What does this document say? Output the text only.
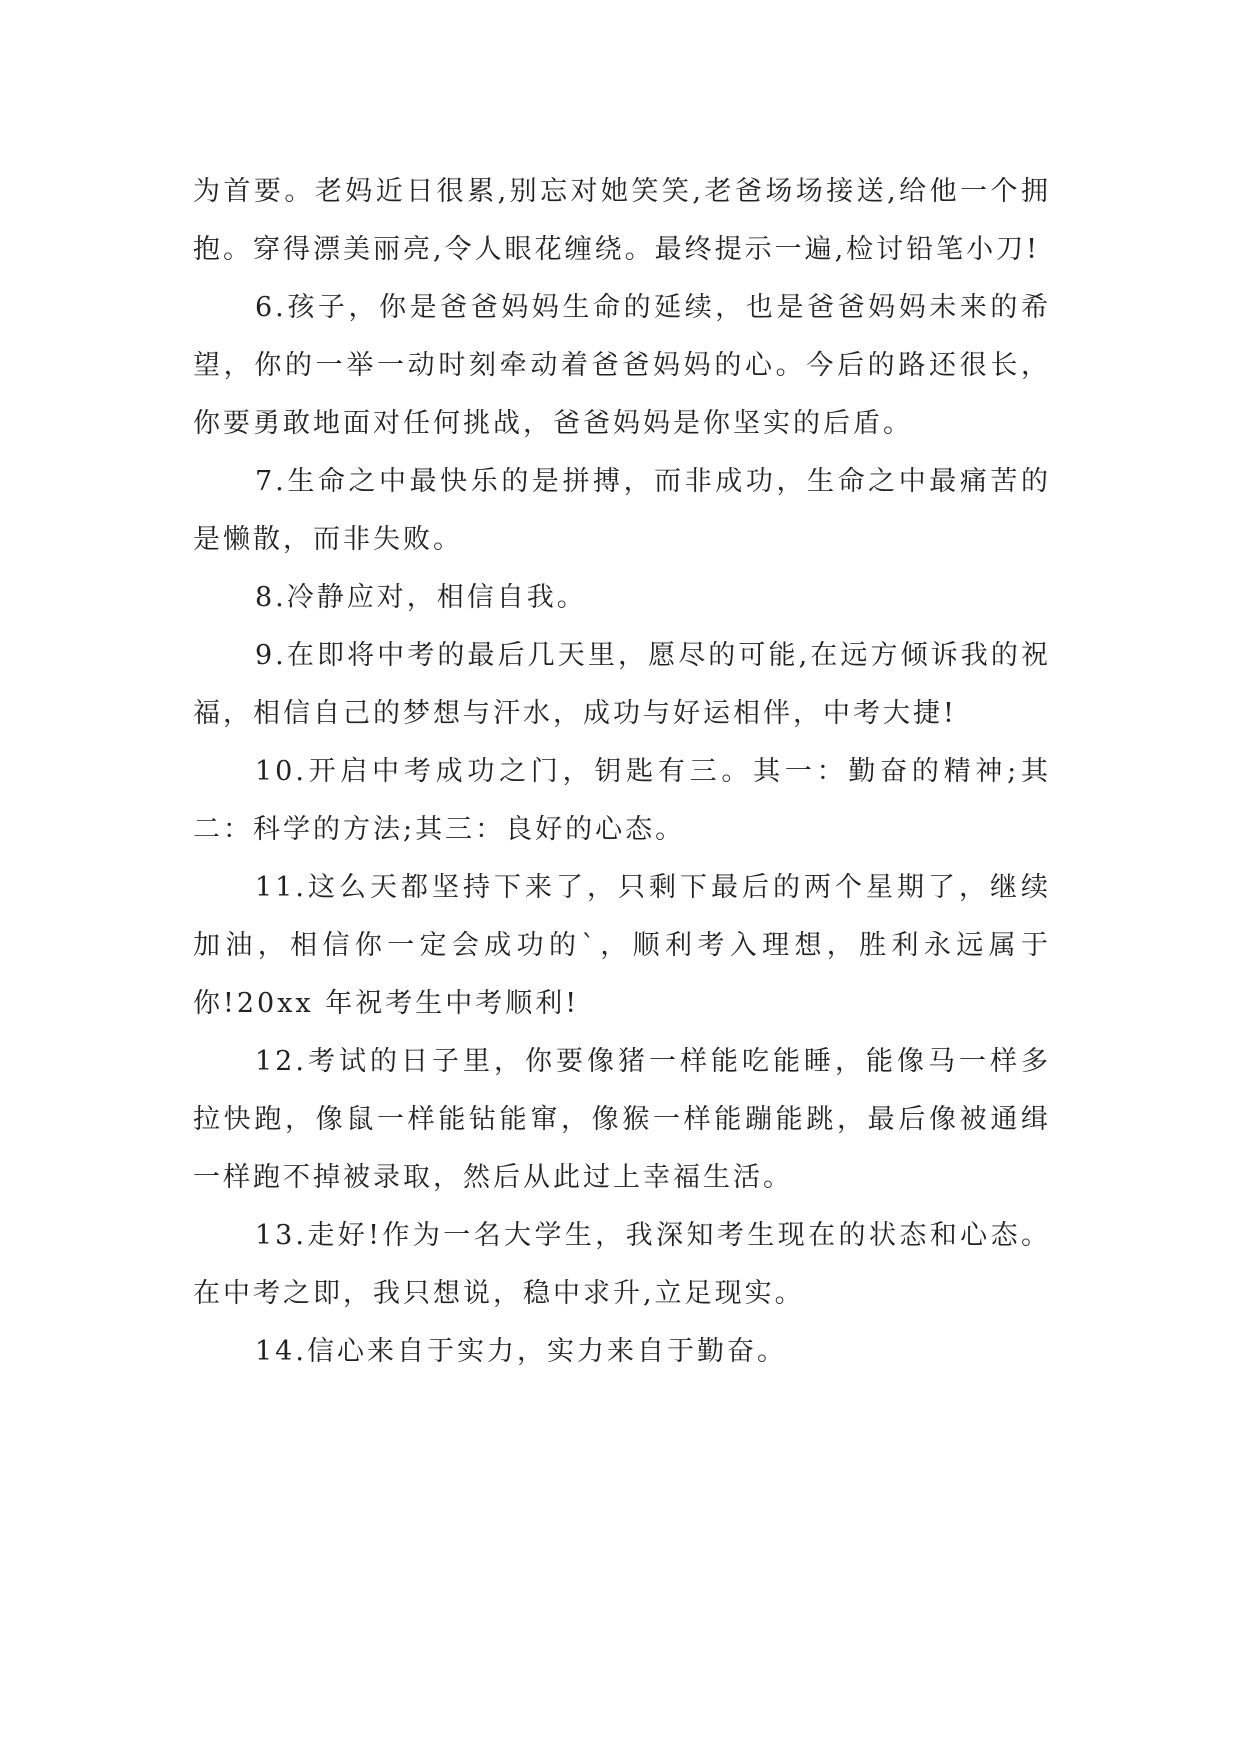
为首要。老妈近日很累,别忘对她笑笑,老爸场场接送,给他一个拥抱。穿得漂美丽亮,令人眼花缠绕。最终提示一遍,检讨铅笔小刀!

6.孩子，你是爸爸妈妈生命的延续，也是爸爸妈妈未来的希望，你的一举一动时刻牵动着爸爸妈妈的心。今后的路还很长，你要勇敢地面对任何挑战，爸爸妈妈是你坚实的后盾。

7.生命之中最快乐的是拼搏，而非成功，生命之中最痛苦的是懒散，而非失败。

8.冷静应对，相信自我。

9.在即将中考的最后几天里，愿尽的可能,在远方倾诉我的祝福，相信自己的梦想与汗水，成功与好运相伴，中考大捷!

10.开启中考成功之门，钥匙有三。其一：勤奋的精神;其二：科学的方法;其三：良好的心态。

11.这么天都坚持下来了，只剩下最后的两个星期了，继续加油，相信你一定会成功的`，顺利考入理想，胜利永远属于你!20xx 年祝考生中考顺利!

12.考试的日子里，你要像猪一样能吃能睡，能像马一样多拉快跑，像鼠一样能钻能窜，像猴一样能蹦能跳，最后像被通缉一样跑不掉被录取，然后从此过上幸福生活。

13.走好!作为一名大学生，我深知考生现在的状态和心态。在中考之即，我只想说，稳中求升,立足现实。

14.信心来自于实力，实力来自于勤奋。
